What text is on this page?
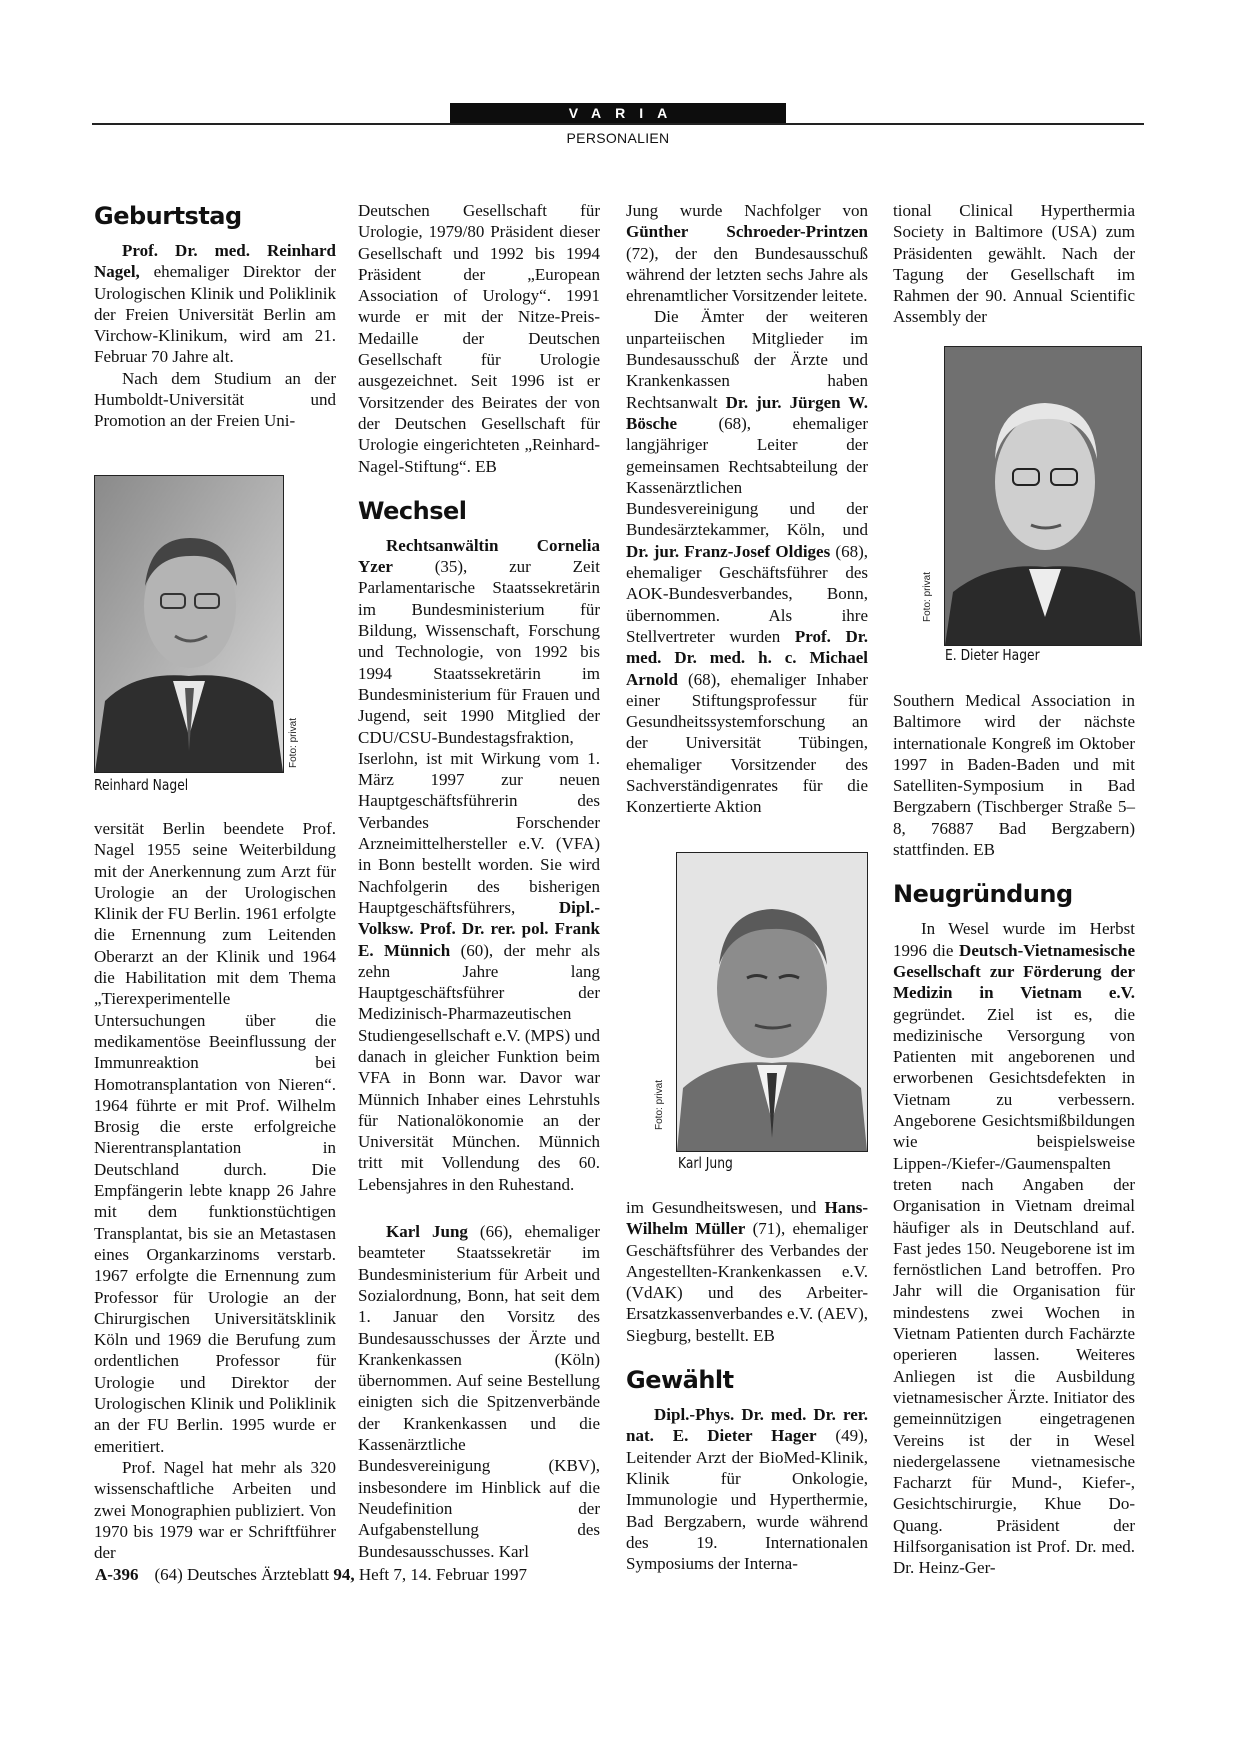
VARIA
PERSONALIEN
Geburtstag

Prof. Dr. med. Reinhard Nagel, ehemaliger Direktor der Urologischen Klinik und Poliklinik der Freien Universität Berlin am Virchow-Klinikum, wird am 21. Februar 70 Jahre alt.

Nach dem Studium an der Humboldt-Universität und Promotion an der Freien Uni-

Foto: privat
Reinhard Nagel

versität Berlin beendete Prof. Nagel 1955 seine Weiterbildung mit der Anerkennung zum Arzt für Urologie an der Urologischen Klinik der FU Berlin. 1961 erfolgte die Ernennung zum Leitenden Oberarzt an der Klinik und 1964 die Habilitation mit dem Thema „Tierexperimentelle Untersuchungen über die medikamentöse Beeinflussung der Immunreaktion bei Homotransplantation von Nieren“. 1964 führte er mit Prof. Wilhelm Brosig die erste erfolgreiche Nierentransplantation in Deutschland durch. Die Empfängerin lebte knapp 26 Jahre mit dem funktionstüchtigen Transplantat, bis sie an Metastasen eines Organkarzinoms verstarb. 1967 erfolgte die Ernennung zum Professor für Urologie an der Chirurgischen Universitätsklinik Köln und 1969 die Berufung zum ordentlichen Professor für Urologie und Direktor der Urologischen Klinik und Poliklinik an der FU Berlin. 1995 wurde er emeritiert.

Prof. Nagel hat mehr als 320 wissenschaftliche Arbeiten und zwei Monographien publiziert. Von 1970 bis 1979 war er Schriftführer der

Deutschen Gesellschaft für Urologie, 1979/80 Präsident dieser Gesellschaft und 1992 bis 1994 Präsident der „European Association of Urology“. 1991 wurde er mit der Nitze-Preis-Medaille der Deutschen Gesellschaft für Urologie ausgezeichnet. Seit 1996 ist er Vorsitzender des Beirates der von der Deutschen Gesellschaft für Urologie eingerichteten „Reinhard-Nagel-Stiftung“. EB

Wechsel

Rechtsanwältin Cornelia Yzer (35), zur Zeit Parlamentarische Staatssekretärin im Bundesministerium für Bildung, Wissenschaft, Forschung und Technologie, von 1992 bis 1994 Staatssekretärin im Bundesministerium für Frauen und Jugend, seit 1990 Mitglied der CDU/CSU-Bundestagsfraktion, Iserlohn, ist mit Wirkung vom 1. März 1997 zur neuen Hauptgeschäftsführerin des Verbandes Forschender Arzneimittelhersteller e.V. (VFA) in Bonn bestellt worden. Sie wird Nachfolgerin des bisherigen Hauptgeschäftsführers, Dipl.-Volksw. Prof. Dr. rer. pol. Frank E. Münnich (60), der mehr als zehn Jahre lang Hauptgeschäftsführer der Medizinisch-Pharmazeutischen Studiengesellschaft e.V. (MPS) und danach in gleicher Funktion beim VFA in Bonn war. Davor war Münnich Inhaber eines Lehrstuhls für Nationalökonomie an der Universität München. Münnich tritt mit Vollendung des 60. Lebensjahres in den Ruhestand.

Karl Jung (66), ehemaliger beamteter Staatssekretär im Bundesministerium für Arbeit und Sozialordnung, Bonn, hat seit dem 1. Januar den Vorsitz des Bundesausschusses der Ärzte und Krankenkassen (Köln) übernommen. Auf seine Bestellung einigten sich die Spitzenverbände der Krankenkassen und die Kassenärztliche Bundesvereinigung (KBV), insbesondere im Hinblick auf die Neudefinition der Aufgabenstellung des Bundesausschusses. Karl

Jung wurde Nachfolger von Günther Schroeder-Printzen (72), der den Bundesausschuß während der letzten sechs Jahre als ehrenamtlicher Vorsitzender leitete.

Die Ämter der weiteren unparteiischen Mitglieder im Bundesausschuß der Ärzte und Krankenkassen haben Rechtsanwalt Dr. jur. Jürgen W. Bösche (68), ehemaliger langjähriger Leiter der gemeinsamen Rechtsabteilung der Kassenärztlichen Bundesvereinigung und der Bundesärztekammer, Köln, und Dr. jur. Franz-Josef Oldiges (68), ehemaliger Geschäftsführer des AOK-Bundesverbandes, Bonn, übernommen. Als ihre Stellvertreter wurden Prof. Dr. med. Dr. med. h. c. Michael Arnold (68), ehemaliger Inhaber einer Stiftungsprofessur für Gesundheitssystemforschung an der Universität Tübingen, ehemaliger Vorsitzender des Sachverständigenrates für die Konzertierte Aktion

Foto: privat
Karl Jung

im Gesundheitswesen, und Hans-Wilhelm Müller (71), ehemaliger Geschäftsführer des Verbandes der Angestellten-Krankenkassen e.V. (VdAK) und des Arbeiter-Ersatzkassenverbandes e.V. (AEV), Siegburg, bestellt. EB

Gewählt

Dipl.-Phys. Dr. med. Dr. rer. nat. E. Dieter Hager (49), Leitender Arzt der BioMed-Klinik, Klinik für Onkologie, Immunologie und Hyperthermie, Bad Bergzabern, wurde während des 19. Internationalen Symposiums der Interna-

tional Clinical Hyperthermia Society in Baltimore (USA) zum Präsidenten gewählt. Nach der Tagung der Gesellschaft im Rahmen der 90. Annual Scientific Assembly der

Foto: privat
E. Dieter Hager

Southern Medical Association in Baltimore wird der nächste internationale Kongreß im Oktober 1997 in Baden-Baden und mit Satelliten-Symposium in Bad Bergzabern (Tischberger Straße 5–8, 76887 Bad Bergzabern) stattfinden. EB

Neugründung

In Wesel wurde im Herbst 1996 die Deutsch-Vietnamesische Gesellschaft zur Förderung der Medizin in Vietnam e.V. gegründet. Ziel ist es, die medizinische Versorgung von Patienten mit angeborenen und erworbenen Gesichtsdefekten in Vietnam zu verbessern. Angeborene Gesichtsmißbildungen wie beispielsweise Lippen-/Kiefer-/Gaumenspalten treten nach Angaben der Organisation in Vietnam dreimal häufiger als in Deutschland auf. Fast jedes 150. Neugeborene ist im fernöstlichen Land betroffen. Pro Jahr will die Organisation für mindestens zwei Wochen in Vietnam Patienten durch Fachärzte operieren lassen. Weiteres Anliegen ist die Ausbildung vietnamesischer Ärzte. Initiator des gemeinnützigen eingetragenen Vereins ist der in Wesel niedergelassene vietnamesische Facharzt für Mund-, Kiefer-, Gesichtschirurgie, Khue Do-Quang. Präsident der Hilfsorganisation ist Prof. Dr. med. Dr. Heinz-Ger-

A-396 (64) Deutsches Ärzteblatt 94, Heft 7, 14. Februar 1997
